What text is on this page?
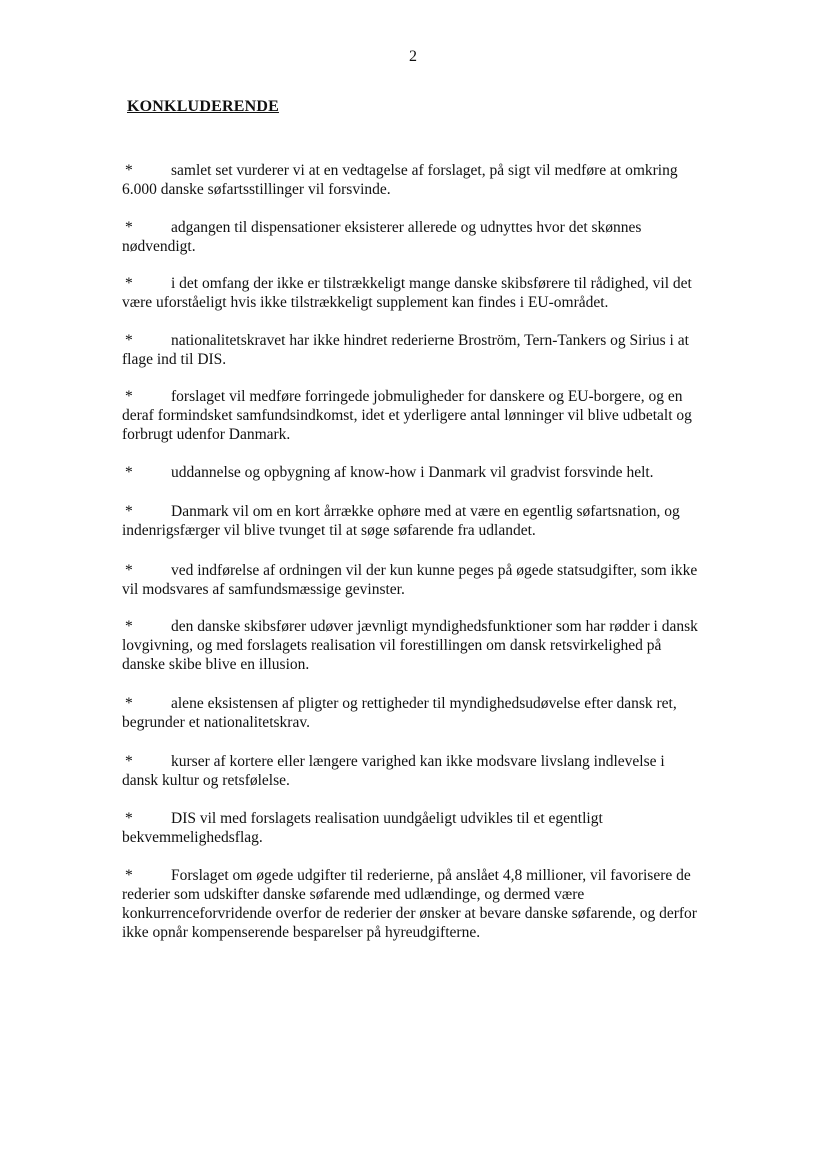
2
KONKLUDERENDE
* samlet set vurderer vi at en vedtagelse af forslaget, på sigt vil medføre at omkring 6.000 danske søfartsstillinger vil forsvinde.
* adgangen til dispensationer eksisterer allerede og udnyttes hvor det skønnes nødvendigt.
* i det omfang der ikke er tilstrækkeligt mange danske skibsførere til rådighed, vil det være uforståeligt hvis ikke tilstrækkeligt supplement kan findes i EU-området.
* nationalitetskravet har ikke hindret rederierne Broström, Tern-Tankers og Sirius i at flage ind til DIS.
* forslaget vil medføre forringede jobmuligheder for danskere og EU-borgere, og en deraf formindsket samfundsindkomst, idet et yderligere antal lønninger vil blive udbetalt og forbrugt udenfor Danmark.
* uddannelse og opbygning af know-how i Danmark vil gradvist forsvinde helt.
* Danmark vil om en kort årrække ophøre med at være en egentlig søfartsnation, og indenrigsfærger vil blive tvunget til at søge søfarende fra udlandet.
* ved indførelse af ordningen vil der kun kunne peges på øgede statsudgifter, som ikke vil modsvares af samfundsmæssige gevinster.
* den danske skibsfører udøver jævnligt myndighedsfunktioner som har rødder i dansk lovgivning, og med forslagets realisation vil forestillingen om dansk retsvirkelighed på danske skibe blive en illusion.
* alene eksistensen af pligter og rettigheder til myndighedsudøvelse efter dansk ret, begrunder et nationalitetskrav.
* kurser af kortere eller længere varighed kan ikke modsvare livslang indlevelse i dansk kultur og retsfølelse.
* DIS vil med forslagets realisation uundgåeligt udvikles til et egentligt bekvemmelighedsflag.
* Forslaget om øgede udgifter til rederierne, på anslået 4,8 millioner, vil favorisere de rederier som udskifter danske søfarende med udlændinge, og dermed være konkurrenceforvridende overfor de rederier der ønsker at bevare danske søfarende, og derfor ikke opnår kompenserende besparelser på hyreudgifterne.
